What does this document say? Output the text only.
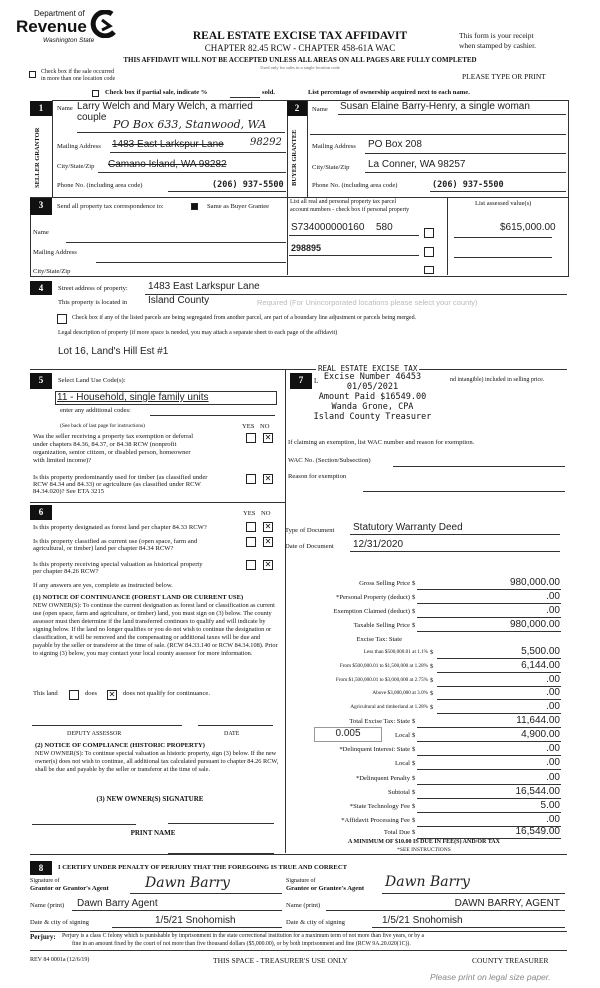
Department of
Revenue
Washington State	REAL ESTATE EXCISE TAX AFFIDAVIT
CHAPTER 82.45 RCW - CHAPTER 458-61A WAC
THIS AFFIDAVIT WILL NOT BE ACCEPTED UNLESS ALL AREAS ON ALL PAGES ARE FULLY COMPLETED
Used only for sales in a single location code
This form is your receipt
when stamped by cashier.
PLEASE TYPE OR PRINT
Check box if the sale occurred
in more than one location code
Check box if partial sale, indicate %	sold.	List percentage of ownership acquired next to each name.
1
SELLER GRANTOR
Name Larry Welch and Mary Welch, a married
couple
PO Box 633, Stanwood, WA
Mailing Address 1483 East Larkspur Lane	98292
City/State/Zip Camano Island, WA 98282
Phone No. (including area code)	(206) 937-5500
2
BUYER GRANTEE
Name Susan Elaine Barry-Henry, a single woman
Mailing Address PO Box 208
City/State/Zip La Conner, WA 98257
Phone No. (including area code)	(206) 937-5500
3	Send all property tax correspondence to:	Same as Buyer Grantee
Name
Mailing Address
City/State/Zip
List all real and personal property tax parcel
account numbers - check box if personal property
List assessed value(s)
S734000000160 580	$615,000.00
298895
4	Street address of property: 1483 East Larkspur Lane
This property is located in Island County	Required (For Unincorporated locations please select your county)
Check box if any of the listed parcels are being segregated from another parcel, are part of a boundary line adjustment or parcels being merged.
Legal description of property (if more space is needed, you may attach a separate sheet to each page of the affidavit)
Lot 16, Land's Hill Est #1
5	Select Land Use Code(s):
11 - Household, single family units
enter any additional codes:
(See back of last page for instructions)	YES NO
Was the seller receiving a property tax exemption or deferral
under chapters 84.36, 84.37, or 84.38 RCW (nonprofit
organization, senior citizen, or disabled person, homeowner
with limited income)?
✕
Is this property predominantly used for timber (as classified under
RCW 84.34 and 84.33) or agriculture (as classified under RCW
84.34.020)? See ETA 3215
✕
7
REAL ESTATE EXCISE TAX
L Excise Number 46453
01/05/2021
Amount Paid $16549.00
Wanda Grone, CPA
Island County Treasurer
nd intangible) included in selling price.
If claiming an exemption, list WAC number and reason for exemption.
WAC No. (Section/Subsection)
Reason for exemption
6	YES NO
Is this property designated as forest land per chapter 84.33 RCW?	✕
Is this property classified as current use (open space, farm and
agricultural, or timber) land per chapter 84.34 RCW?
✕
Is this property receiving special valuation as historical property
per chapter 84.26 RCW?
✕
If any answers are yes, complete as instructed below.
(1) NOTICE OF CONTINUANCE (FOREST LAND OR CURRENT USE)
NEW OWNER(S): To continue the current designation as forest land or classification as current use (open space, farm and agriculture, or timber) land, you must sign on (3) below. The county assessor must then determine if the land transferred continues to qualify and will indicate by signing below. If the land no longer qualifies or you do not wish to continue the designation or classification, it will be removed and the compensating or additional taxes will be due and payable by the seller or transferor at the time of sale. (RCW 84.33.140 or RCW 84.34.108). Prior to signing (3) below, you may contact your local county assessor for more information.
This land	does ✕ does not qualify for continuance.
DEPUTY ASSESSOR	DATE
(2) NOTICE OF COMPLIANCE (HISTORIC PROPERTY)
NEW OWNER(S): To continue special valuation as historic property, sign (3) below. If the new owner(s) does not wish to continue, all additional tax calculated pursuant to chapter 84.26 RCW, shall be due and payable by the seller or transferor at the time of sale.
(3) NEW OWNER(S) SIGNATURE
PRINT NAME
Type of Document Statutory Warranty Deed
Date of Document 12/31/2020
0.005
Gross Selling Price $	980,000.00
*Personal Property (deduct) $	.00
Exemption Claimed (deduct) $	.00
Taxable Selling Price $	980,000.00
Excise Tax: State
Less than $500,000.01 at 1.1% $	5,500.00
From $500,000.01 to $1,500,000 at 1.28% $	6,144.00
From $1,500,000.01 to $3,000,000 at 2.75% $	.00
Above $3,000,000 at 3.0% $	.00
Agricultural and timberland at 1.28% $	.00
Total Excise Tax: State $	11,644.00
Local $	4,900.00
*Delinquent Interest: State $	.00
Local $	.00
*Delinquent Penalty $	.00
Subtotal $	16,544.00
*State Technology Fee $	5.00
*Affidavit Processing Fee $	.00
Total Due $	16,549.00
A MINIMUM OF $10.00 IS DUE IN FEE(S) AND/OR TAX
*SEE INSTRUCTIONS
8	I CERTIFY UNDER PENALTY OF PERJURY THAT THE FOREGOING IS TRUE AND CORRECT
Signature of
Grantor or Grantor's Agent	Dawn Barry	Signature of
Grantee or Grantee's Agent Dawn Barry
Name (print) Dawn Barry Agent	Name (print)	DAWN BARRY, AGENT
Date & city of signing	1/5/21 Snohomish	Date & city of signing	1/5/21 Snohomish
Perjury: Perjury is a class C felony which is punishable by imprisonment in the state correctional institution for a maximum term of not more than five years, or by a
fine in an amount fixed by the court of not more than five thousand dollars ($5,000.00), or by both imprisonment and fine (RCW 9A.20.020(1C)).
REV 84 0001a (12/6/19)	THIS SPACE - TREASURER'S USE ONLY	COUNTY TREASURER
Please print on legal size paper.
